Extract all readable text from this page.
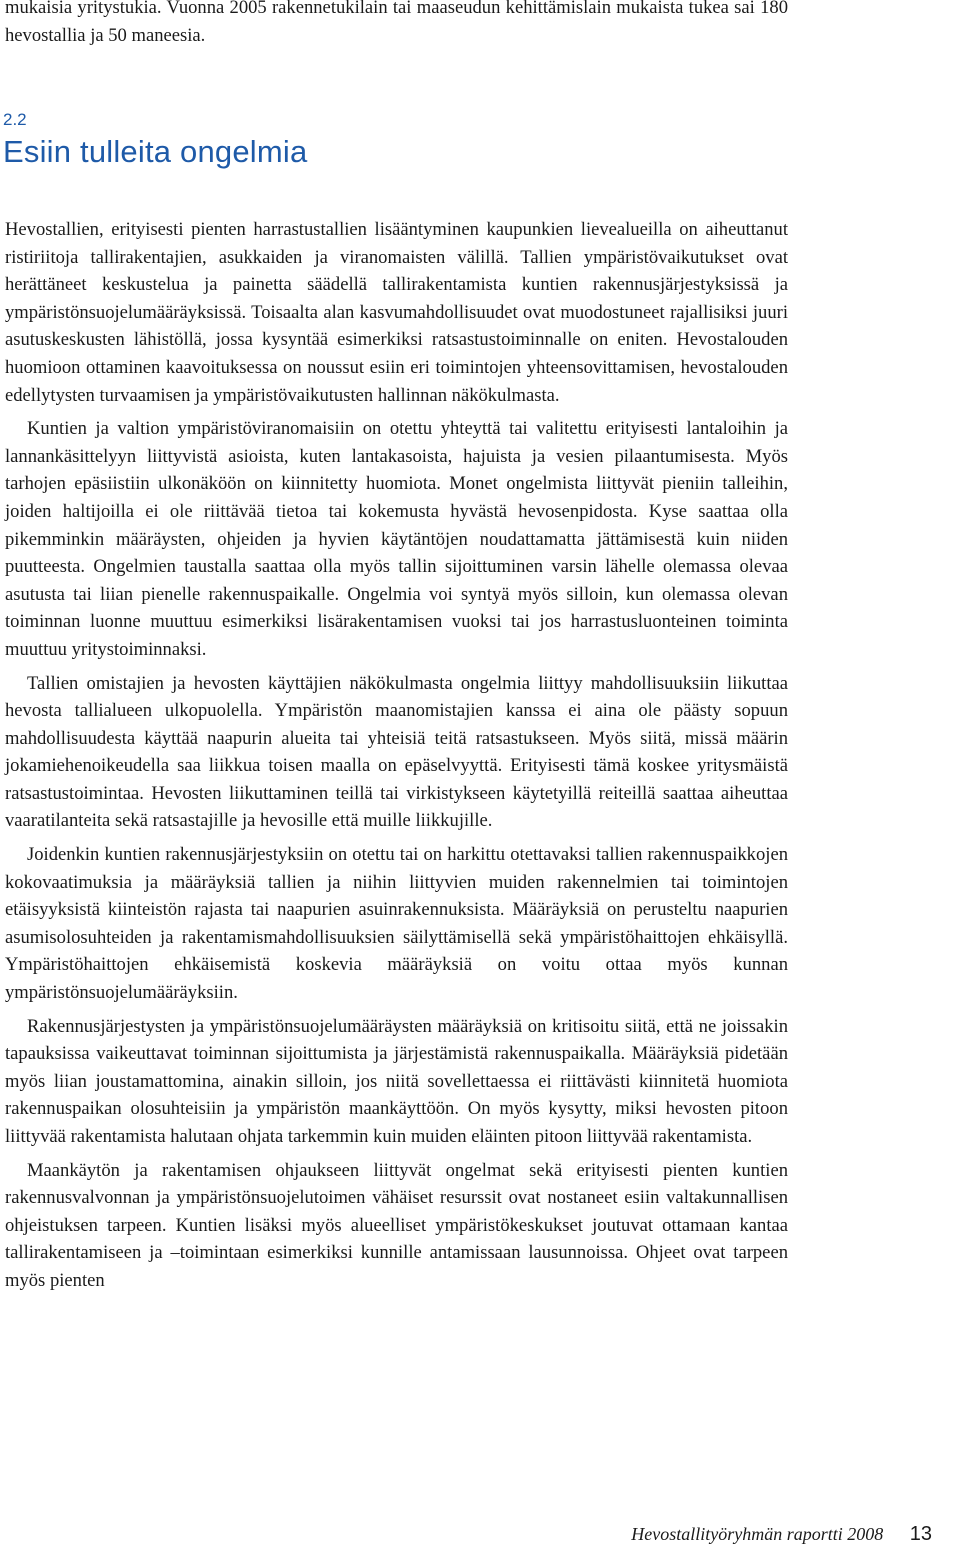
mukaisia yritystukia. Vuonna 2005 rakennetukilain tai maaseudun kehittämislain mukaista tukea sai 180 hevostallia ja 50 maneesia.

2.2
Esiin tulleita ongelmia

Hevostallien, erityisesti pienten harrastustallien lisääntyminen kaupunkien lievealueilla on aiheuttanut ristiriitoja tallirakentajien, asukkaiden ja viranomaisten välillä. Tallien ympäristövaikutukset ovat herättäneet keskustelua ja painetta säädellä tallirakentamista kuntien rakennusjärjestyksissä ja ympäristönsuojelumääräyksissä. Toisaalta alan kasvumahdollisuudet ovat muodostuneet rajallisiksi juuri asutuskeskusten lähistöllä, jossa kysyntää esimerkiksi ratsastustoiminnalle on eniten. Hevostalouden huomioon ottaminen kaavoituksessa on noussut esiin eri toimintojen yhteensovittamisen, hevostalouden edellytysten turvaamisen ja ympäristövaikutusten hallinnan näkökulmasta.

Kuntien ja valtion ympäristöviranomaisiin on otettu yhteyttä tai valitettu erityisesti lantaloihin ja lannankäsittelyyn liittyvistä asioista, kuten lantakasoista, hajuista ja vesien pilaantumisesta. Myös tarhojen epäsiistiin ulkonäköön on kiinnitetty huomiota. Monet ongelmista liittyvät pieniin talleihin, joiden haltijoilla ei ole riittävää tietoa tai kokemusta hyvästä hevosenpidosta. Kyse saattaa olla pikemminkin määräysten, ohjeiden ja hyvien käytäntöjen noudattamatta jättämisestä kuin niiden puutteesta. Ongelmien taustalla saattaa olla myös tallin sijoittuminen varsin lähelle olemassa olevaa asutusta tai liian pienelle rakennuspaikalle. Ongelmia voi syntyä myös silloin, kun olemassa olevan toiminnan luonne muuttuu esimerkiksi lisärakentamisen vuoksi tai jos harrastusluonteinen toiminta muuttuu yritystoiminnaksi.

Tallien omistajien ja hevosten käyttäjien näkökulmasta ongelmia liittyy mahdollisuuksiin liikuttaa hevosta tallialueen ulkopuolella. Ympäristön maanomistajien kanssa ei aina ole päästy sopuun mahdollisuudesta käyttää naapurin alueita tai yhteisiä teitä ratsastukseen. Myös siitä, missä määrin jokamiehenoikeudella saa liikkua toisen maalla on epäselvyyttä. Erityisesti tämä koskee yritysmäistä ratsastustoimintaa. Hevosten liikuttaminen teillä tai virkistykseen käytetyillä reiteillä saattaa aiheuttaa vaaratilanteita sekä ratsastajille ja hevosille että muille liikkujille.

Joidenkin kuntien rakennusjärjestyksiin on otettu tai on harkittu otettavaksi tallien rakennuspaikkojen kokovaatimuksia ja määräyksiä tallien ja niihin liittyvien muiden rakennelmien tai toimintojen etäisyyksistä kiinteistön rajasta tai naapurien asuinrakennuksista. Määräyksiä on perusteltu naapurien asumisolosuhteiden ja rakentamismahdollisuuksien säilyttämisellä sekä ympäristöhaittojen ehkäisyllä. Ympäristöhaittojen ehkäisemistä koskevia määräyksiä on voitu ottaa myös kunnan ympäristönsuojelumääräyksiin.

Rakennusjärjestysten ja ympäristönsuojelumääräysten määräyksiä on kritisoitu siitä, että ne joissakin tapauksissa vaikeuttavat toiminnan sijoittumista ja järjestämistä rakennuspaikalla. Määräyksiä pidetään myös liian joustamattomina, ainakin silloin, jos niitä sovellettaessa ei riittävästi kiinnitetä huomiota rakennuspaikan olosuhteisiin ja ympäristön maankäyttöön. On myös kysytty, miksi hevosten pitoon liittyvää rakentamista halutaan ohjata tarkemmin kuin muiden eläinten pitoon liittyvää rakentamista.

Maankäytön ja rakentamisen ohjaukseen liittyvät ongelmat sekä erityisesti pienten kuntien rakennusvalvonnan ja ympäristönsuojelutoimen vähäiset resurssit ovat nostaneet esiin valtakunnallisen ohjeistuksen tarpeen. Kuntien lisäksi myös alueelliset ympäristökeskukset joutuvat ottamaan kantaa tallirakentamiseen ja –toimintaan esimerkiksi kunnille antamissaan lausunnoissa. Ohjeet ovat tarpeen myös pienten

Hevostallityöryhmän raportti 2008 13
